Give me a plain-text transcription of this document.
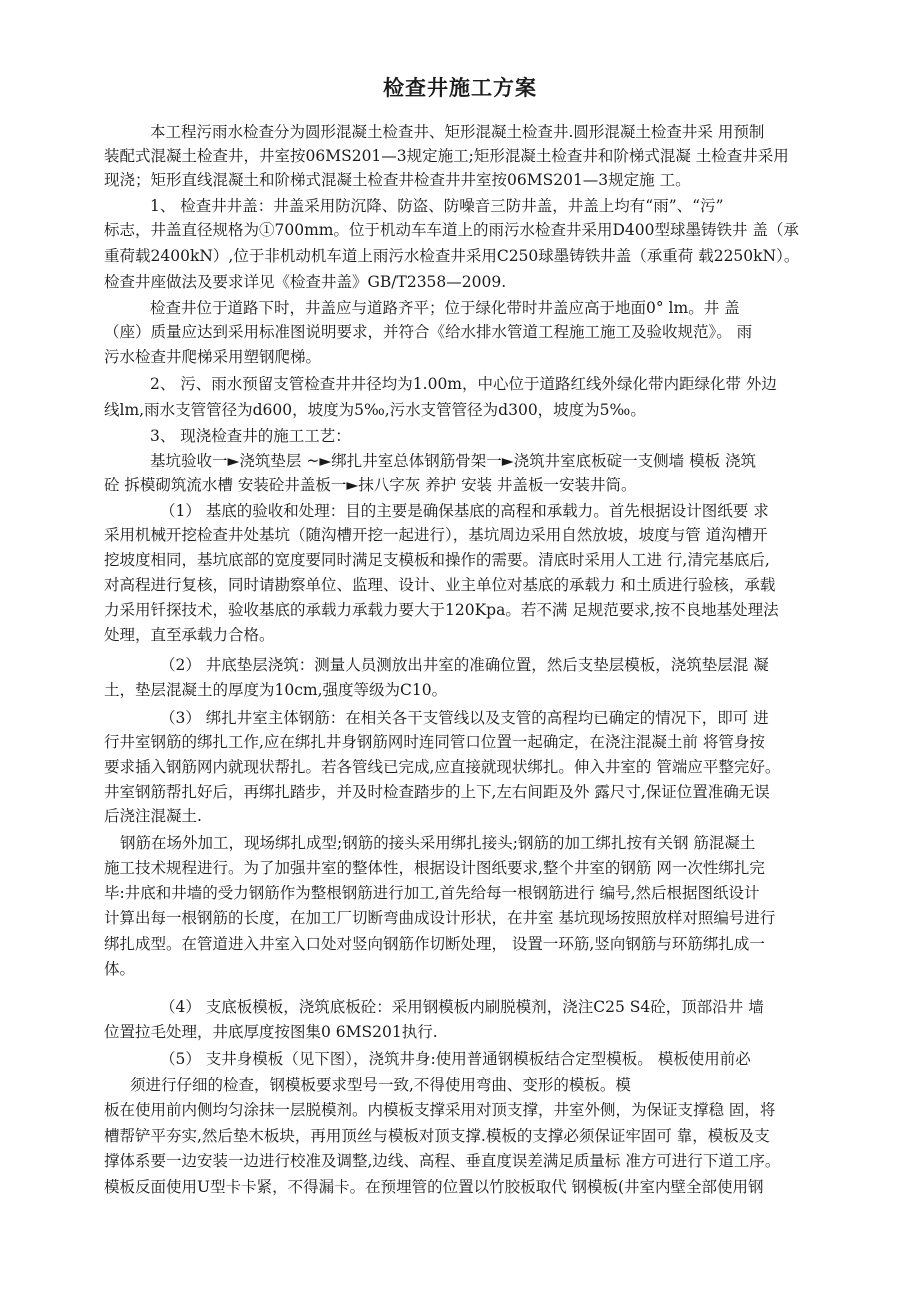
检查井施工方案

本工程污雨水检查分为圆形混凝土检查井、矩形混凝土检查井.圆形混凝土检查井采 用预制

装配式混凝土检查井，井室按06MS201—3规定施工;矩形混凝土检查井和阶梯式混凝 土检查井采用

现浇；矩形直线混凝土和阶梯式混凝土检查井检查井井室按06MS201—3规定施 工。

1、 检查井井盖：井盖采用防沉降、防盗、防噪音三防井盖，井盖上均有“雨”、“污”

标志，井盖直径规格为①700mm。位于机动车车道上的雨污水检查井采用D400型球墨铸铁井 盖（承

重荷载2400kN）,位于非机动机车道上雨污水检查井采用C250球墨铸铁井盖（承重荷 载2250kN）。

检查井座做法及要求详见《检查井盖》GB/T2358—2009.

检查井位于道路下时，井盖应与道路齐平；位于绿化带时井盖应高于地面0° lm。井 盖

（座）质量应达到采用标准图说明要求，并符合《给水排水管道工程施工施工及验收规范》。 雨

污水检查井爬梯采用塑钢爬梯。

2、 污、雨水预留支管检查井井径均为1.00m，中心位于道路红线外绿化带内距绿化带 外边

线lm,雨水支管管径为d600，坡度为5‰,污水支管管径为d300，坡度为5‰。

3、 现浇检查井的施工工艺：

基坑验收一►浇筑垫层 ~►绑扎井室总体钢筋骨架一►浇筑井室底板碇一支侧墙 模板 浇筑

砼 拆模砌筑流水槽 安装砼井盖板一►抹八字灰 养护 安装 井盖板一安装井筒。

（1） 基底的验收和处理：目的主要是确保基底的高程和承载力。首先根据设计图纸要 求

采用机械开挖检查井处基坑（随沟槽开挖一起进行），基坑周边采用自然放坡，坡度与管 道沟槽开

挖坡度相同，基坑底部的宽度要同时满足支模板和操作的需要。清底时采用人工进 行,清完基底后,

对高程进行复核，同时请勘察单位、监理、设计、业主单位对基底的承载力 和土质进行验核，承载

力采用钎探技术，验收基底的承载力承载力要大于120Kpa。若不满 足规范要求,按不良地基处理法

处理，直至承载力合格。

（2） 井底垫层浇筑：测量人员测放出井室的准确位置，然后支垫层模板，浇筑垫层混 凝

土，垫层混凝土的厚度为10cm,强度等级为C10。

（3） 绑扎井室主体钢筋：在相关各干支管线以及支管的高程均已确定的情况下，即可 进

行井室钢筋的绑扎工作,应在绑扎井身钢筋网时连同管口位置一起确定，在浇注混凝土前 将管身按

要求插入钢筋网内就现状帮扎。若各管线已完成,应直接就现状绑扎。伸入井室的 管端应平整完好。

井室钢筋帮扎好后，再绑扎踏步，并及时检查踏步的上下,左右间距及外 露尺寸,保证位置准确无误

后浇注混凝土.

钢筋在场外加工，现场绑扎成型;钢筋的接头采用绑扎接头;钢筋的加工绑扎按有关钢 筋混凝土

施工技术规程进行。为了加强井室的整体性，根据设计图纸要求,整个井室的钢筋 网一次性绑扎完

毕:井底和井墙的受力钢筋作为整根钢筋进行加工,首先给每一根钢筋进行 编号,然后根据图纸设计

计算出每一根钢筋的长度，在加工厂切断弯曲成设计形状，在井室 基坑现场按照放样对照编号进行

绑扎成型。在管道进入井室入口处对竖向钢筋作切断处理， 设置一环筋,竖向钢筋与环筋绑扎成一

体。

（4） 支底板模板，浇筑底板砼：采用钢模板内刷脱模剂，浇注C25 S4砼，顶部沿井 墙

位置拉毛处理，井底厚度按图集0 6MS201执行.

（5） 支井身模板（见下图），浇筑井身:使用普通钢模板结合定型模板。 模板使用前必

须进行仔细的检查，钢模板要求型号一致,不得使用弯曲、变形的模板。模

板在使用前内侧均匀涂抹一层脱模剂。内模板支撑采用对顶支撑，井室外侧，为保证支撑稳 固，将

槽帮铲平夯实,然后垫木板块，再用顶丝与模板对顶支撑.模板的支撑必须保证牢固可 靠，模板及支

撑体系要一边安装一边进行校准及调整,边线、高程、垂直度误差满足质量标 准方可进行下道工序。

模板反面使用U型卡卡紧，不得漏卡。在预埋管的位置以竹胶板取代 钢模板(井室内壁全部使用钢
